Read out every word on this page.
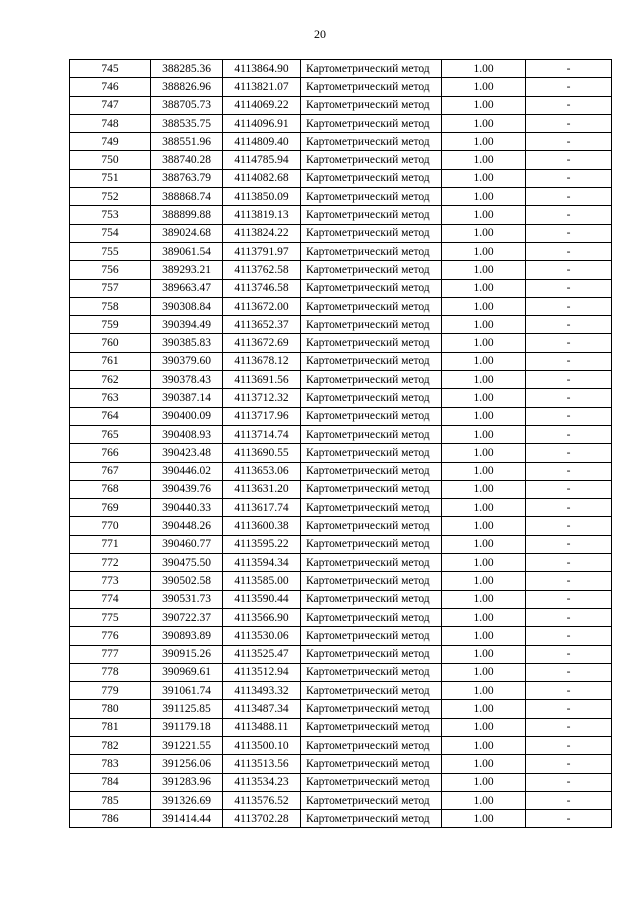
20
745	388285.36	4113864.90	Картометрический метод	1.00	-
746	388826.96	4113821.07	Картометрический метод	1.00	-
747	388705.73	4114069.22	Картометрический метод	1.00	-
748	388535.75	4114096.91	Картометрический метод	1.00	-
749	388551.96	4114809.40	Картометрический метод	1.00	-
750	388740.28	4114785.94	Картометрический метод	1.00	-
751	388763.79	4114082.68	Картометрический метод	1.00	-
752	388868.74	4113850.09	Картометрический метод	1.00	-
753	388899.88	4113819.13	Картометрический метод	1.00	-
754	389024.68	4113824.22	Картометрический метод	1.00	-
755	389061.54	4113791.97	Картометрический метод	1.00	-
756	389293.21	4113762.58	Картометрический метод	1.00	-
757	389663.47	4113746.58	Картометрический метод	1.00	-
758	390308.84	4113672.00	Картометрический метод	1.00	-
759	390394.49	4113652.37	Картометрический метод	1.00	-
760	390385.83	4113672.69	Картометрический метод	1.00	-
761	390379.60	4113678.12	Картометрический метод	1.00	-
762	390378.43	4113691.56	Картометрический метод	1.00	-
763	390387.14	4113712.32	Картометрический метод	1.00	-
764	390400.09	4113717.96	Картометрический метод	1.00	-
765	390408.93	4113714.74	Картометрический метод	1.00	-
766	390423.48	4113690.55	Картометрический метод	1.00	-
767	390446.02	4113653.06	Картометрический метод	1.00	-
768	390439.76	4113631.20	Картометрический метод	1.00	-
769	390440.33	4113617.74	Картометрический метод	1.00	-
770	390448.26	4113600.38	Картометрический метод	1.00	-
771	390460.77	4113595.22	Картометрический метод	1.00	-
772	390475.50	4113594.34	Картометрический метод	1.00	-
773	390502.58	4113585.00	Картометрический метод	1.00	-
774	390531.73	4113590.44	Картометрический метод	1.00	-
775	390722.37	4113566.90	Картометрический метод	1.00	-
776	390893.89	4113530.06	Картометрический метод	1.00	-
777	390915.26	4113525.47	Картометрический метод	1.00	-
778	390969.61	4113512.94	Картометрический метод	1.00	-
779	391061.74	4113493.32	Картометрический метод	1.00	-
780	391125.85	4113487.34	Картометрический метод	1.00	-
781	391179.18	4113488.11	Картометрический метод	1.00	-
782	391221.55	4113500.10	Картометрический метод	1.00	-
783	391256.06	4113513.56	Картометрический метод	1.00	-
784	391283.96	4113534.23	Картометрический метод	1.00	-
785	391326.69	4113576.52	Картометрический метод	1.00	-
786	391414.44	4113702.28	Картометрический метод	1.00	-
